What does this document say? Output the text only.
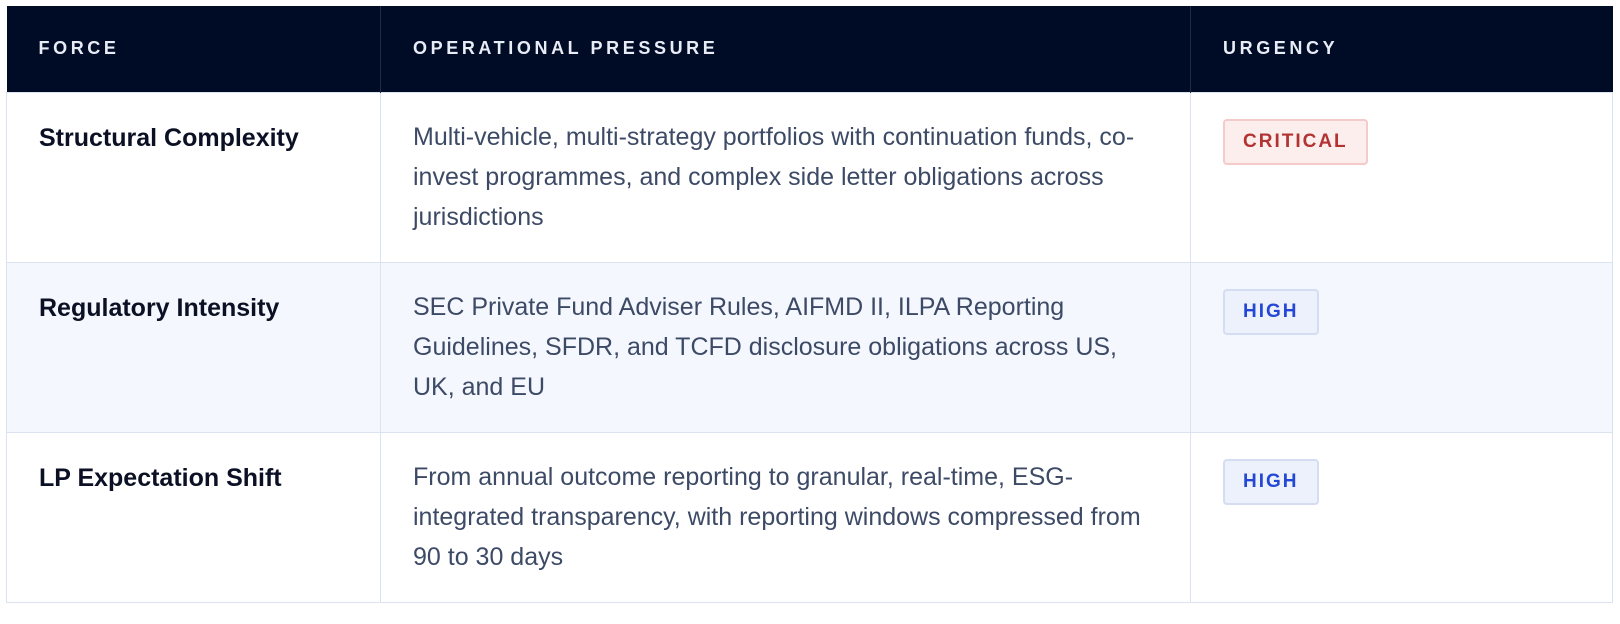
FORCE	OPERATIONAL PRESSURE	URGENCY

Structural Complexity	Multi-vehicle, multi-strategy portfolios with continuation funds, co-invest programmes, and complex side letter obligations across jurisdictions	CRITICAL

Regulatory Intensity	SEC Private Fund Adviser Rules, AIFMD II, ILPA Reporting Guidelines, SFDR, and TCFD disclosure obligations across US, UK, and EU	HIGH

LP Expectation Shift	From annual outcome reporting to granular, real-time, ESG-integrated transparency, with reporting windows compressed from 90 to 30 days	HIGH
